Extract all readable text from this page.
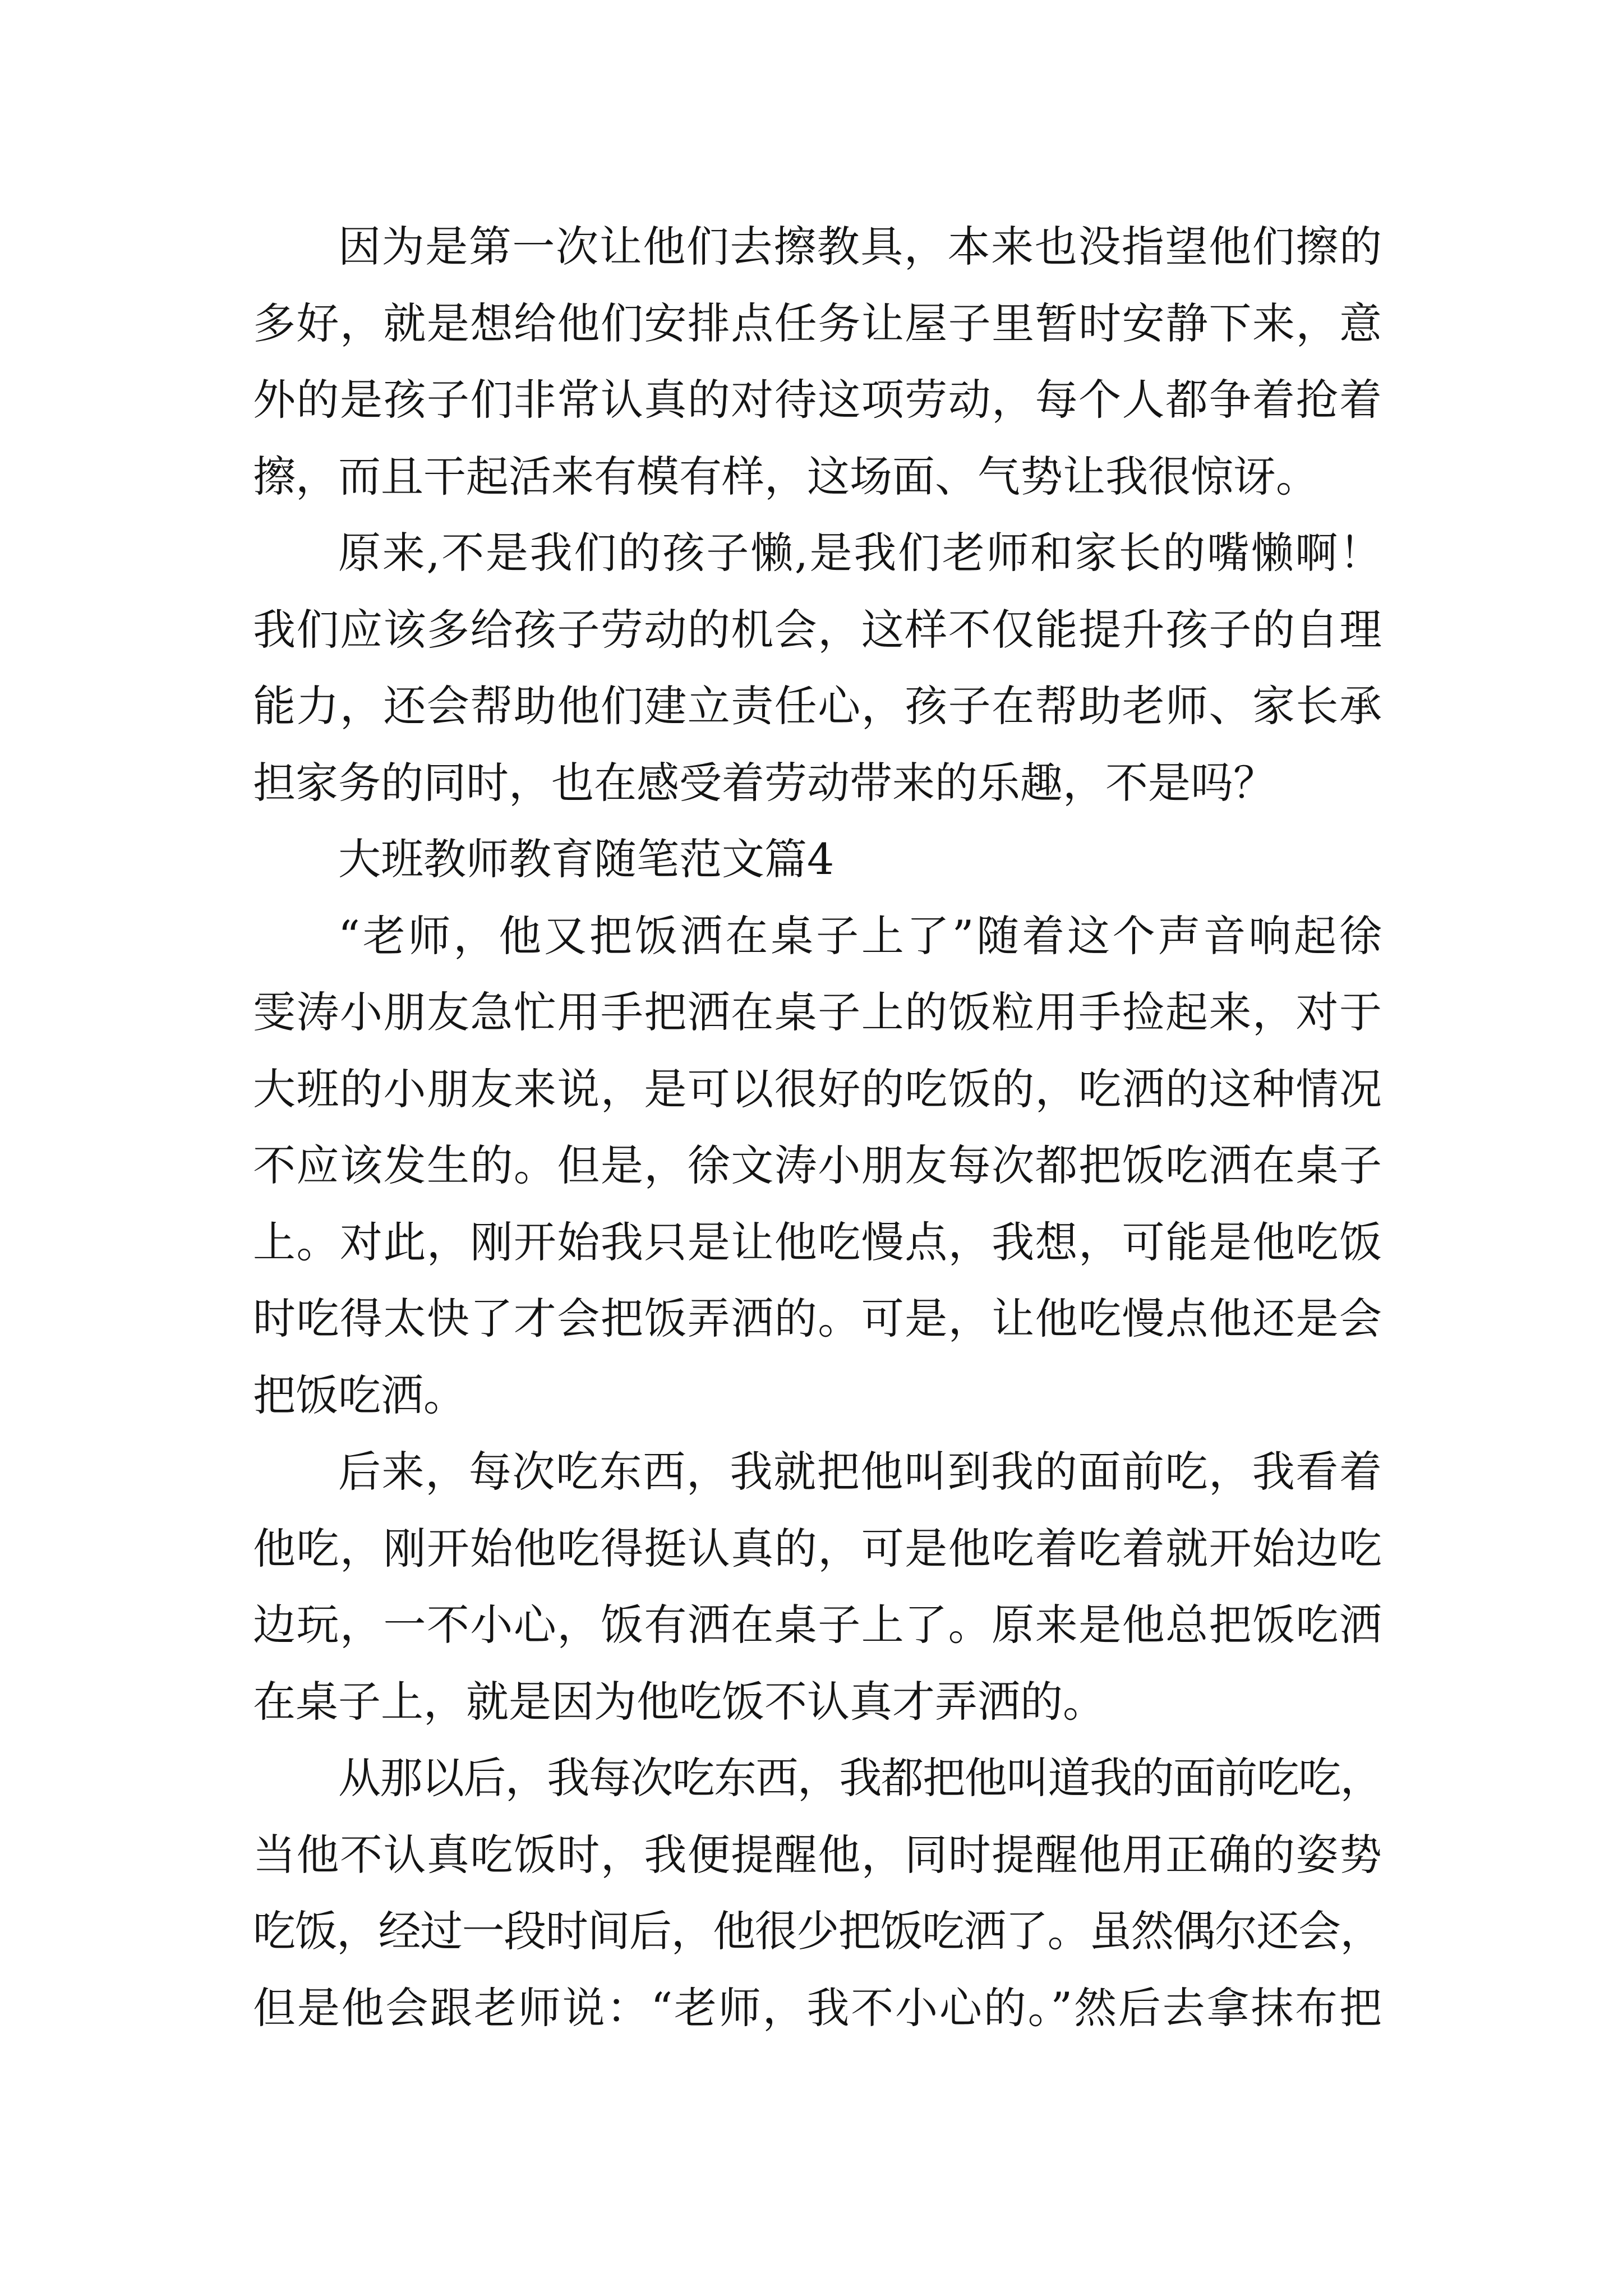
因为是第一次让他们去擦教具，本来也没指望他们擦的
多好，就是想给他们安排点任务让屋子里暂时安静下来，意
外的是孩子们非常认真的对待这项劳动，每个人都争着抢着
擦，而且干起活来有模有样，这场面、气势让我很惊讶。
原来,不是我们的孩子懒,是我们老师和家长的嘴懒啊！
我们应该多给孩子劳动的机会，这样不仅能提升孩子的自理
能力，还会帮助他们建立责任心，孩子在帮助老师、家长承
担家务的同时，也在感受着劳动带来的乐趣，不是吗？
大班教师教育随笔范文篇4
“老师，他又把饭洒在桌子上了”随着这个声音响起徐
雯涛小朋友急忙用手把洒在桌子上的饭粒用手捡起来，对于
大班的小朋友来说，是可以很好的吃饭的，吃洒的这种情况
不应该发生的。但是，徐文涛小朋友每次都把饭吃洒在桌子
上。对此，刚开始我只是让他吃慢点，我想，可能是他吃饭
时吃得太快了才会把饭弄洒的。可是，让他吃慢点他还是会
把饭吃洒。
后来，每次吃东西，我就把他叫到我的面前吃，我看着
他吃，刚开始他吃得挺认真的，可是他吃着吃着就开始边吃
边玩，一不小心，饭有洒在桌子上了。原来是他总把饭吃洒
在桌子上，就是因为他吃饭不认真才弄洒的。
从那以后，我每次吃东西，我都把他叫道我的面前吃吃，
当他不认真吃饭时，我便提醒他，同时提醒他用正确的姿势
吃饭，经过一段时间后，他很少把饭吃洒了。虽然偶尔还会，
但是他会跟老师说：“老师，我不小心的。”然后去拿抹布把
